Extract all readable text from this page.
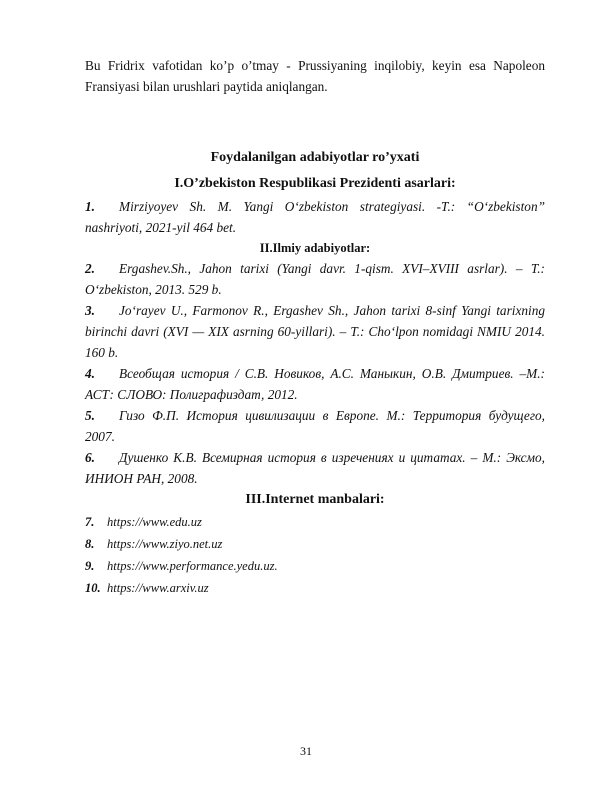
Bu Fridrix vafotidan ko’p o’tmay - Prussiyaning inqilobiy, keyin esa Napoleon

Fransiyasi bilan urushlari paytida aniqlangan.

Foydalanilgan adabiyotlar ro’yxati

I.O’zbekiston Respublikasi Prezidenti asarlari:

1. Mirziyoyev Sh. M. Yangi O‘zbekiston strategiyasi. -T.: “O‘zbekiston”

nashriyoti, 2021-yil 464 bet.

II.Ilmiy adabiyotlar:

2. Ergashev.Sh., Jahon tarixi (Yangi davr. 1-qism. XVI–XVIII asrlar). – T.:

O‘zbekiston, 2013. 529 b.

3. Jo‘rayev U., Farmonov R., Ergashev Sh., Jahon tarixi 8-sinf Yangi tarixning

birinchi davri (XVI — XIX asrning 60-yillari). – T.: Cho‘lpon nomidagi NMIU 2014.

160 b.

4. Всеобщая история / С.В. Новиков, А.С. Маныкин, О.В. Дмитриев. –М.:

АСТ: СЛОВО: Полиграфиздат, 2012.

5. Гизо Ф.П. История цивилизации в Европе. М.: Территория будущего,

2007.

6. Душенко К.В. Всемирная история в изречениях и цитатах. – М.: Эксмо,

ИНИОН РАН, 2008.

III.Internet manbalari:

7. https://www.edu.uz

8. https://www.ziyo.net.uz

9. https://www.performance.yedu.uz.

10. https://www.arxiv.uz

31
